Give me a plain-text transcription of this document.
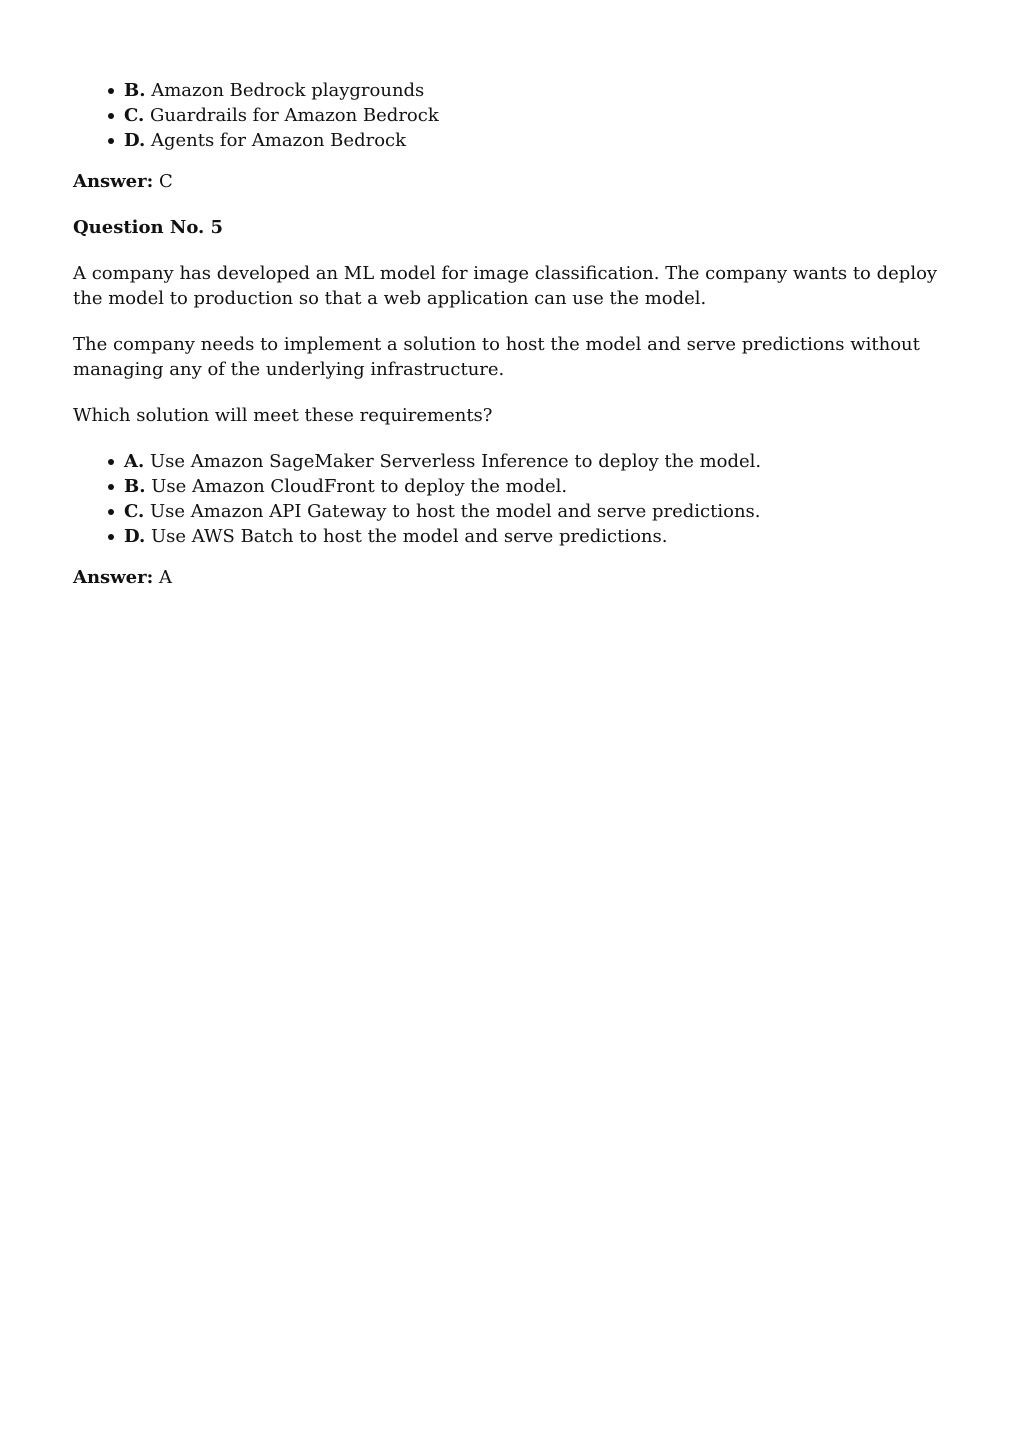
B. Amazon Bedrock playgrounds
C. Guardrails for Amazon Bedrock
D. Agents for Amazon Bedrock

Answer: C

Question No. 5

A company has developed an ML model for image classification. The company wants to deploy the model to production so that a web application can use the model.

The company needs to implement a solution to host the model and serve predictions without managing any of the underlying infrastructure.

Which solution will meet these requirements?

A. Use Amazon SageMaker Serverless Inference to deploy the model.
B. Use Amazon CloudFront to deploy the model.
C. Use Amazon API Gateway to host the model and serve predictions.
D. Use AWS Batch to host the model and serve predictions.

Answer: A
